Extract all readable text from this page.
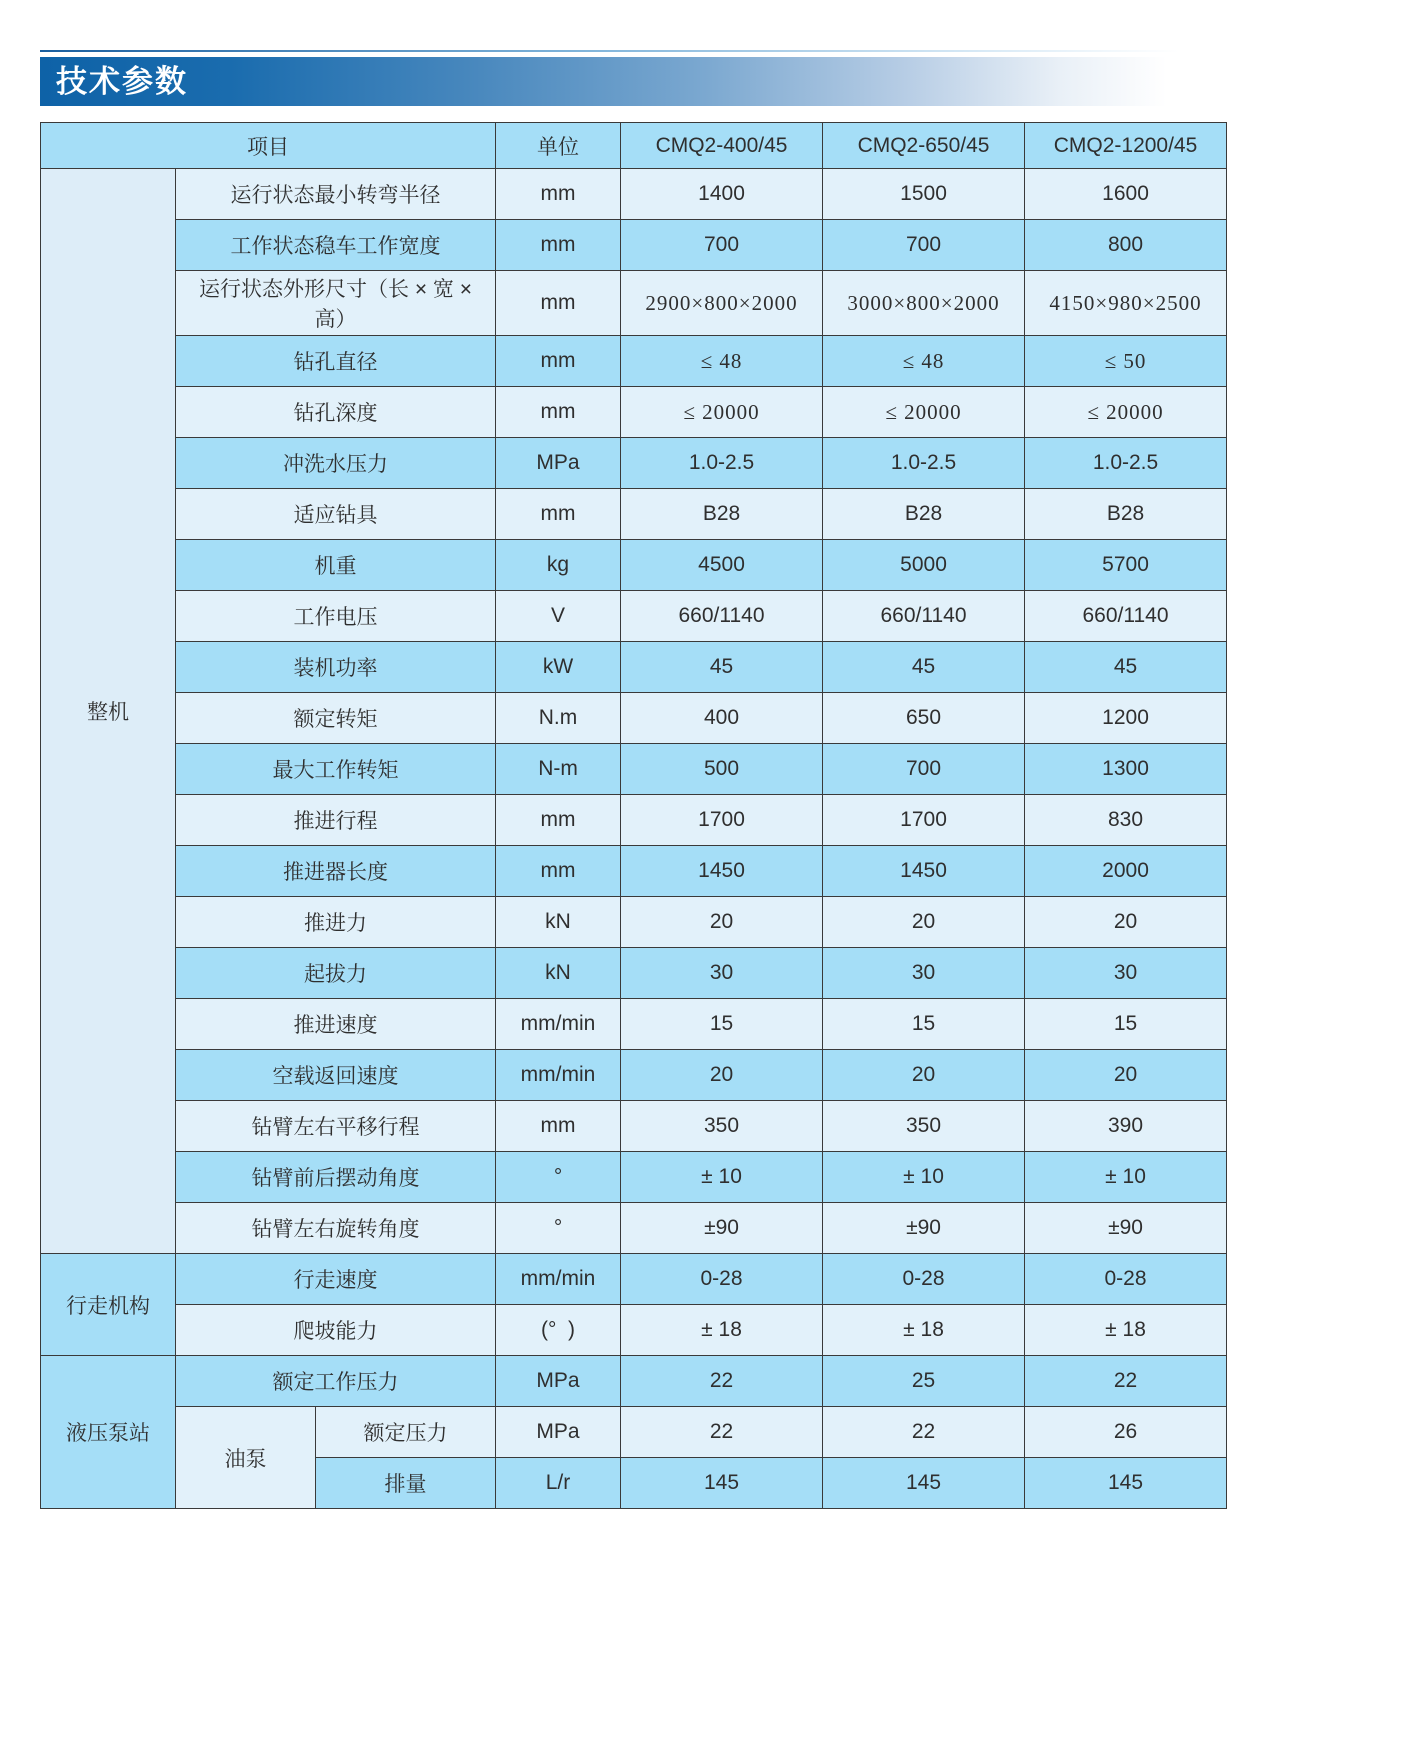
技术参数
项目			单位	CMQ2-400/45	CMQ2-650/45	CMQ2-1200/45
整机	运行状态最小转弯半径		mm	1400	1500	1600
	工作状态稳车工作宽度		mm	700	700	800
	运行状态外形尺寸（长 × 宽 × 高）		mm	2900×800×2000	3000×800×2000	4150×980×2500
	钻孔直径		mm	≤ 48	≤ 48	≤ 50
	钻孔深度		mm	≤ 20000	≤ 20000	≤ 20000
	冲洗水压力		MPa	1.0-2.5	1.0-2.5	1.0-2.5
	适应钻具		mm	B28	B28	B28
	机重		kg	4500	5000	5700
	工作电压		V	660/1140	660/1140	660/1140
	装机功率		kW	45	45	45
	额定转矩		N.m	400	650	1200
	最大工作转矩		N-m	500	700	1300
	推进行程		mm	1700	1700	830
	推进器长度		mm	1450	1450	2000
	推进力		kN	20	20	20
	起拔力		kN	30	30	30
	推进速度		mm/min	15	15	15
	空载返回速度		mm/min	20	20	20
	钻臂左右平移行程		mm	350	350	390
	钻臂前后摆动角度		°	± 10	± 10	± 10
	钻臂左右旋转角度		°	±90	±90	±90
行走机构	行走速度		mm/min	0-28	0-28	0-28
	爬坡能力		(°  )	± 18	± 18	± 18
液压泵站	额定工作压力		MPa	22	25	22
	油泵	额定压力	MPa	22	22	26
		排量	L/r	145	145	145
